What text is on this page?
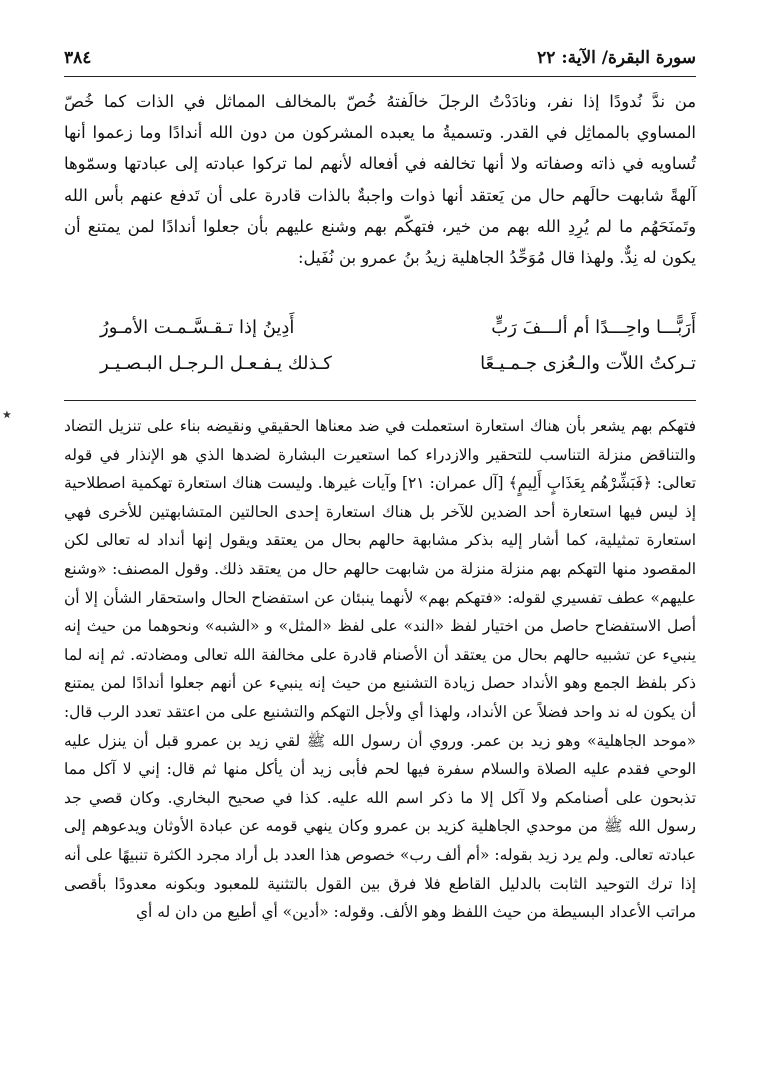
سورة البقرة/ الآية: ٢٢
٣٨٤

من ندَّ نُدودًا إذا نفر، ونادَدْتُ الرجلَ خالَفتهُ خُصّ بالمخالف المماثل في الذات كما خُصّ المساوي بالمماثِل في القدر. وتسميةُ ما يعبده المشركون من دون الله أندادًا وما زعموا أنها تُساويه في ذاته وصفاته ولا أنها تخالفه في أفعاله لأنهم لما تركوا عبادته إلى عبادتها وسمّوها آلهةً شابهت حالَهم حال من يَعتقد أنها ذوات واجبةٌ بالذات قادرة على أن تَدفع عنهم بأس الله وتَمنَحَهُم ما لم يُرِدِ الله بهم من خير، فتهكّم بهم وشنع عليهم بأن جعلوا أندادًا لمن يمتنع أن يكون له نِدٌّ. ولهذا قال مُوَحِّدُ الجاهلية زيدُ بنُ عمرو بن نُفَيل:

أَرَبًّـــا واحِـــدًا أم ألـــفَ رَبٍّ
أَدِينُ إذا تـقـسَّـمـت الأمـورُ
تـركتُ اللاّت والـعُزى جـمـيـعًا
كـذلك يـفـعـل الـرجـل البـصـيـر
٭

فتهكم بهم يشعر بأن هناك استعارة استعملت في ضد معناها الحقيقي ونقيضه بناء على تنزيل التضاد والتناقض منزلة التناسب للتحقير والازدراء كما استعيرت البشارة لضدها الذي هو الإنذار في قوله تعالى: ﴿فَبَشِّرْهُم بِعَذَابٍ أَلِيمٍ﴾ [آل عمران: ٢١] وآيات غيرها. وليست هناك استعارة تهكمية اصطلاحية إذ ليس فيها استعارة أحد الضدين للآخر بل هناك استعارة إحدى الحالتين المتشابهتين للأخرى فهي استعارة تمثيلية، كما أشار إليه بذكر مشابهة حالهم بحال من يعتقد ويقول إنها أنداد له تعالى لكن المقصود منها التهكم بهم منزلة منزلة من شابهت حالهم حال من يعتقد ذلك. وقول المصنف: «وشنع عليهم» عطف تفسيري لقوله: «فتهكم بهم» لأنهما ينبئان عن استفضاح الحال واستحقار الشأن إلا أن أصل الاستفضاح حاصل من اختيار لفظ «الند» على لفظ «المثل» و «الشبه» ونحوهما من حيث إنه ينبيء عن تشبيه حالهم بحال من يعتقد أن الأصنام قادرة على مخالفة الله تعالى ومضادته. ثم إنه لما ذكر بلفظ الجمع وهو الأنداد حصل زيادة التشنيع من حيث إنه ينبيء عن أنهم جعلوا أندادًا لمن يمتنع أن يكون له ند واحد فضلاً عن الأنداد، ولهذا أي ولأجل التهكم والتشنيع على من اعتقد تعدد الرب قال: «موحد الجاهلية» وهو زيد بن عمر. وروي أن رسول الله ﷺ لقي زيد بن عمرو قبل أن ينزل عليه الوحي فقدم عليه الصلاة والسلام سفرة فيها لحم فأبى زيد أن يأكل منها ثم قال: إني لا آكل مما تذبحون على أصنامكم ولا آكل إلا ما ذكر اسم الله عليه. كذا في صحيح البخاري. وكان قصي جد رسول الله ﷺ من موحدي الجاهلية كزيد بن عمرو وكان ينهي قومه عن عبادة الأوثان ويدعوهم إلى عبادته تعالى. ولم يرد زيد بقوله: «أم ألف رب» خصوص هذا العدد بل أراد مجرد الكثرة تنبيهًا على أنه إذا ترك التوحيد الثابت بالدليل القاطع فلا فرق بين القول بالتثنية للمعبود وبكونه معدودًا بأقصى مراتب الأعداد البسيطة من حيث اللفظ وهو الألف. وقوله: «أدين» أي أطيع من دان له أي
